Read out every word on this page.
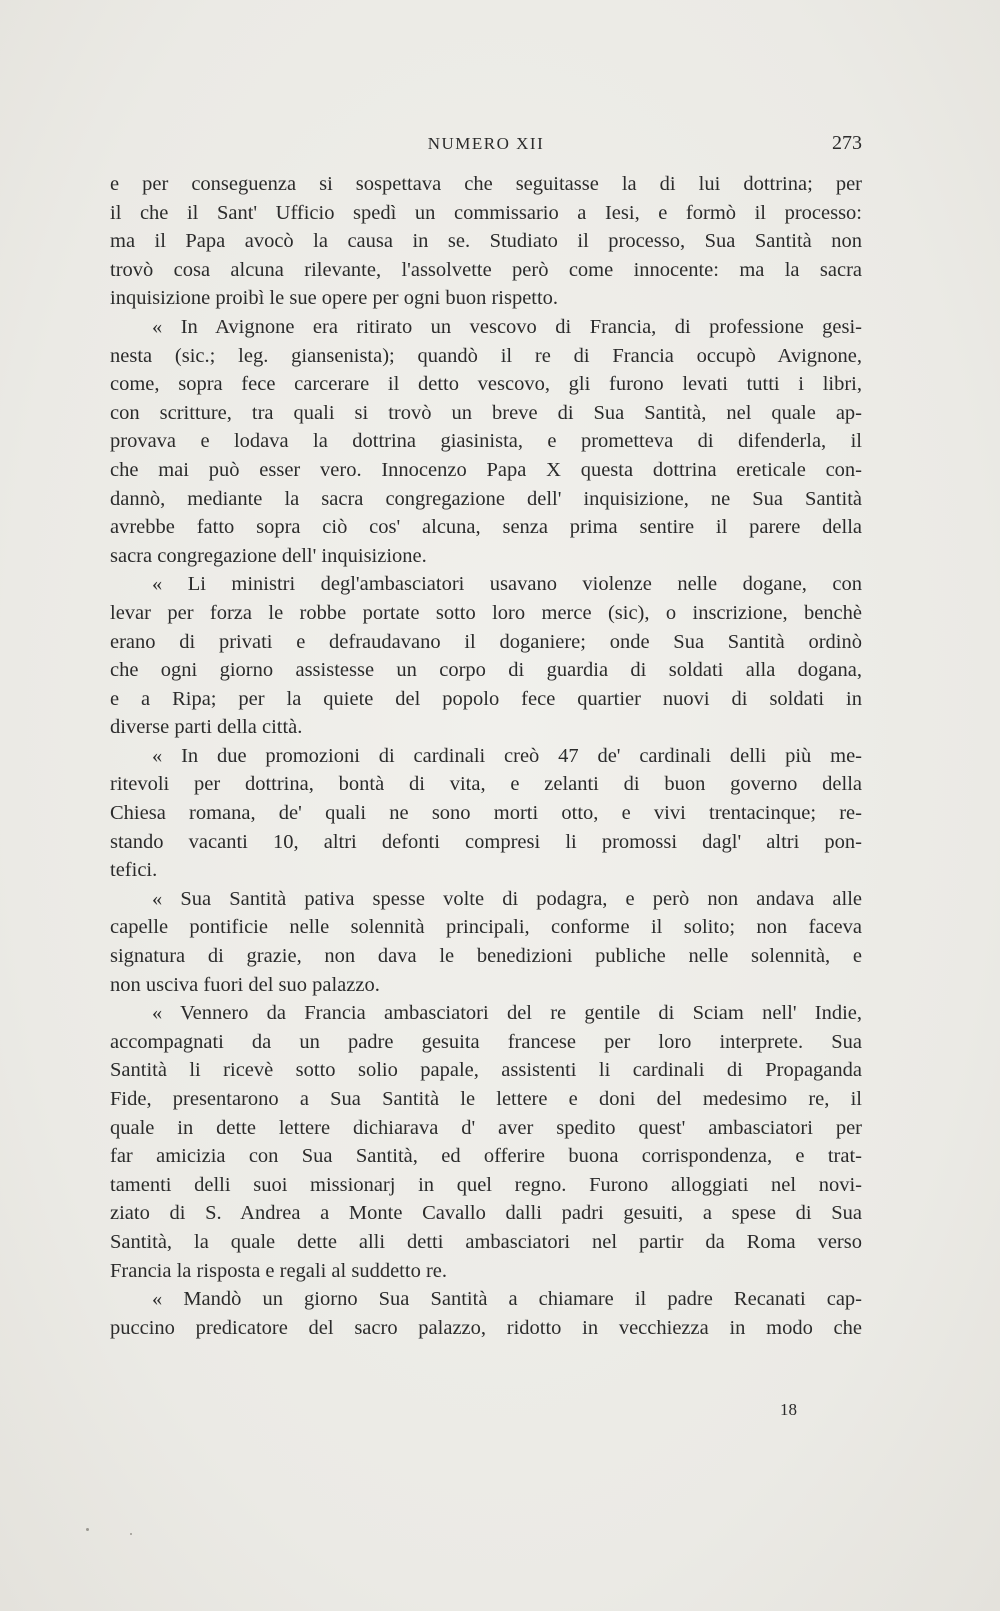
NUMERO XII	273
e per conseguenza si sospettava che seguitasse la di lui dottrina; per
il che il Sant' Ufficio spedì un commissario a Iesi, e formò il processo:
ma il Papa avocò la causa in se. Studiato il processo, Sua Santità non
trovò cosa alcuna rilevante, l'assolvette però come innocente: ma la sacra
inquisizione proibì le sue opere per ogni buon rispetto.
« In Avignone era ritirato un vescovo di Francia, di professione gesi-
nesta (sic.; leg. giansenista); quandò il re di Francia occupò Avignone,
come, sopra fece carcerare il detto vescovo, gli furono levati tutti i libri,
con scritture, tra quali si trovò un breve di Sua Santità, nel quale ap-
provava e lodava la dottrina giasinista, e prometteva di difenderla, il
che mai può esser vero. Innocenzo Papa X questa dottrina ereticale con-
dannò, mediante la sacra congregazione dell' inquisizione, ne Sua Santità
avrebbe fatto sopra ciò cos' alcuna, senza prima sentire il parere della
sacra congregazione dell' inquisizione.
« Li ministri degl'ambasciatori usavano violenze nelle dogane, con
levar per forza le robbe portate sotto loro merce (sic), o inscrizione, benchè
erano di privati e defraudavano il doganiere; onde Sua Santità ordinò
che ogni giorno assistesse un corpo di guardia di soldati alla dogana,
e a Ripa; per la quiete del popolo fece quartier nuovi di soldati in
diverse parti della città.
« In due promozioni di cardinali creò 47 de' cardinali delli più me-
ritevoli per dottrina, bontà di vita, e zelanti di buon governo della
Chiesa romana, de' quali ne sono morti otto, e vivi trentacinque; re-
stando vacanti 10, altri defonti compresi li promossi dagl' altri pon-
tefici.
« Sua Santità pativa spesse volte di podagra, e però non andava alle
capelle pontificie nelle solennità principali, conforme il solito; non faceva
signatura di grazie, non dava le benedizioni publiche nelle solennità, e
non usciva fuori del suo palazzo.
« Vennero da Francia ambasciatori del re gentile di Sciam nell' Indie,
accompagnati da un padre gesuita francese per loro interprete. Sua
Santità li ricevè sotto solio papale, assistenti li cardinali di Propaganda
Fide, presentarono a Sua Santità le lettere e doni del medesimo re, il
quale in dette lettere dichiarava d' aver spedito quest' ambasciatori per
far amicizia con Sua Santità, ed offerire buona corrispondenza, e trat-
tamenti delli suoi missionarj in quel regno. Furono alloggiati nel novi-
ziato di S. Andrea a Monte Cavallo dalli padri gesuiti, a spese di Sua
Santità, la quale dette alli detti ambasciatori nel partir da Roma verso
Francia la risposta e regali al suddetto re.
« Mandò un giorno Sua Santità a chiamare il padre Recanati cap-
puccino predicatore del sacro palazzo, ridotto in vecchiezza in modo che
18
